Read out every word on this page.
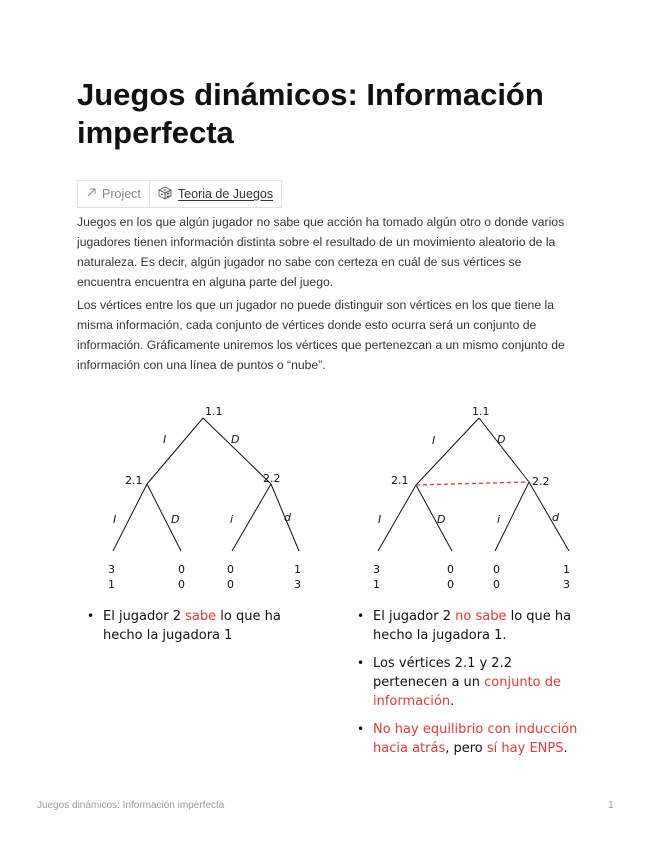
Juegos dinámicos: Información imperfecta
Project	Teoria de Juegos

Juegos en los que algún jugador no sabe que acción ha tomado algún otro o donde varios jugadores tienen información distinta sobre el resultado de un movimiento aleatorio de la naturaleza. Es decir, algún jugador no sabe con certeza en cuál de sus vértices se encuentra encuentra en alguna parte del juego.

Los vértices entre los que un jugador no puede distinguir son vértices en los que tiene la misma información, cada conjunto de vértices donde esto ocurra será un conjunto de información. Gráficamente uniremos los vértices que pertenezcan a un mismo conjunto de información con una línea de puntos o “nube”.

1.1
I	D
2.1	2.2
I	D	i	d
3	0	0	1
1	0	0	3
1.1
I	D
2.1	2.2
I	D	i	d
3	0	0	1
1	0	0	3
• El jugador 2 sabe lo que ha hecho la jugadora 1
• El jugador 2 no sabe lo que ha hecho la jugadora 1.
• Los vértices 2.1 y 2.2 pertenecen a un conjunto de información.
• No hay equilibrio con inducción hacia atrás, pero sí hay ENPS.
Juegos dinámicos: Información imperfecta	1
